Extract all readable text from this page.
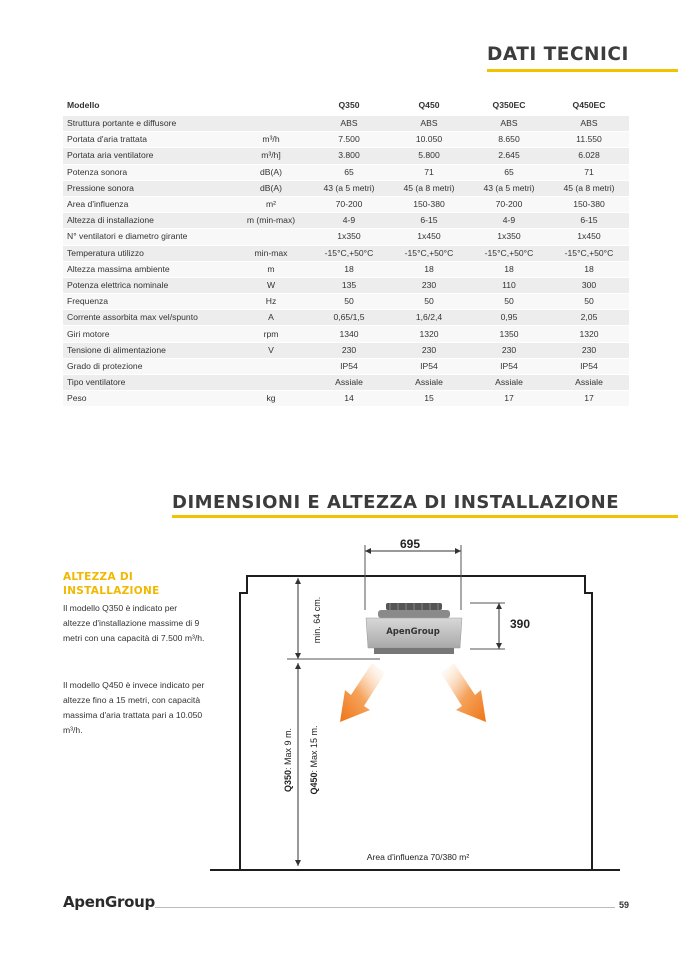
DATI TECNICI
Modello		Q350	Q450	Q350EC	Q450EC
Struttura portante e diffusore		ABS	ABS	ABS	ABS
Portata d'aria trattata	m³/h	7.500	10.050	8.650	11.550
Portata aria ventilatore	m³/h]	3.800	5.800	2.645	6.028
Potenza sonora	dB(A)	65	71	65	71
Pressione sonora	dB(A)	43 (a 5 metri)	45 (a 8 metri)	43 (a 5 metri)	45 (a 8 metri)
Area d'influenza	m²	70-200	150-380	70-200	150-380
Altezza di installazione	m (min-max)	4-9	6-15	4-9	6-15
N° ventilatori e diametro girante		1x350	1x450	1x350	1x450
Temperatura utilizzo	min-max	-15°C,+50°C	-15°C,+50°C	-15°C,+50°C	-15°C,+50°C
Altezza massima ambiente	m	18	18	18	18
Potenza elettrica nominale	W	135	230	110	300
Frequenza	Hz	50	50	50	50
Corrente assorbita max vel/spunto	A	0,65/1,5	1,6/2,4	0,95	2,05
Giri motore	rpm	1340	1320	1350	1320
Tensione di alimentazione	V	230	230	230	230
Grado di protezione		IP54	IP54	IP54	IP54
Tipo ventilatore		Assiale	Assiale	Assiale	Assiale
Peso	kg	14	15	17	17
DIMENSIONI E ALTEZZA DI INSTALLAZIONE
ALTEZZA DI INSTALLAZIONE

Il modello Q350 è indicato per altezze d'installazione massime di 9 metri con una capacità di 7.500 m³/h.

Il modello Q450 è invece indicato per altezze fino a 15 metri, con capacità massima d'aria trattata pari a 10.050 m³/h.

695
390
ApenGroup
min. 64 cm.
Q350: Max 9 m.
Q450: Max 15 m.
Area d'influenza 70/380 m²
ApenGroup	59
